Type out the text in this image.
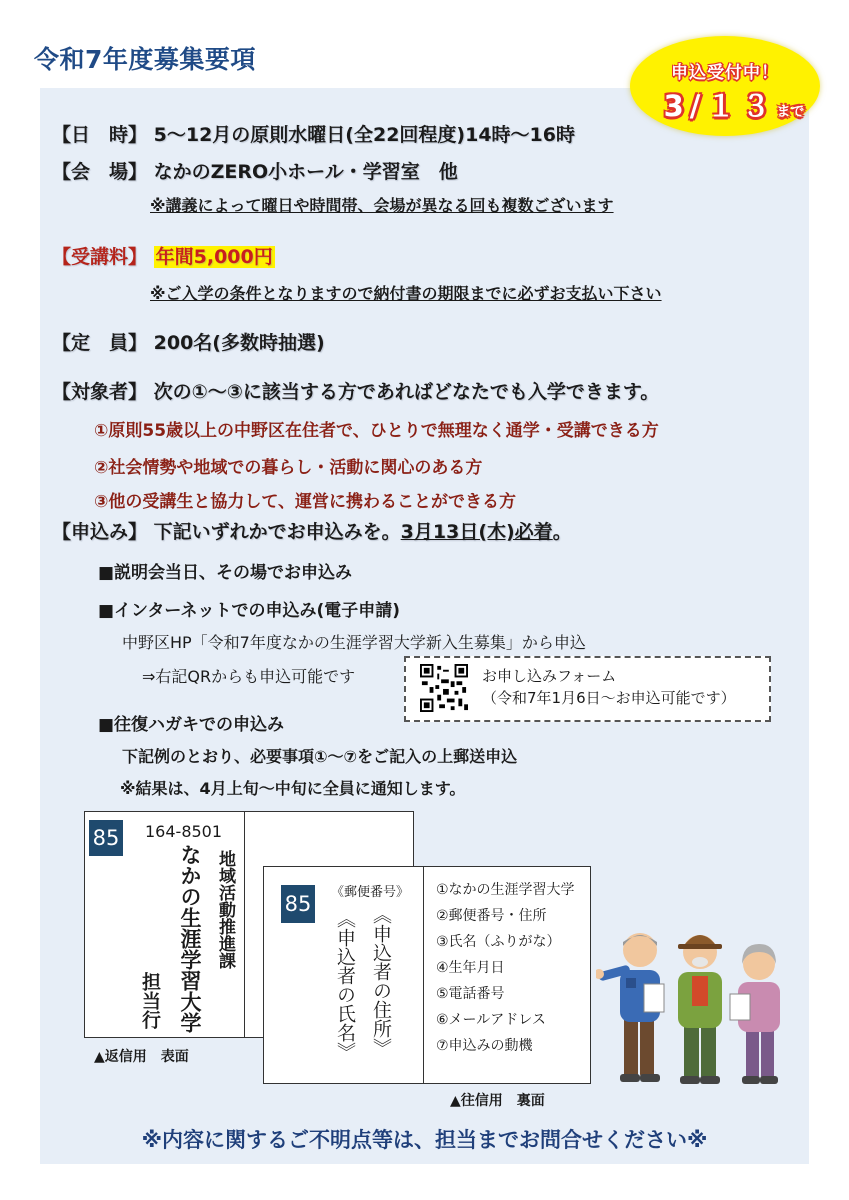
令和7年度募集要項	申込受付中！
3/１３まで
【日　時】 5～12月の原則水曜日(全22回程度)14時～16時
【会　場】 なかのZERO小ホール・学習室　他
※講義によって曜日や時間帯、会場が異なる回も複数ございます
【受講料】 年間5,000円
※ご入学の条件となりますので納付書の期限までに必ずお支払い下さい
【定　員】 200名(多数時抽選)
【対象者】 次の①～③に該当する方であればどなたでも入学できます。
①原則55歳以上の中野区在住者で、ひとりで無理なく通学・受講できる方
②社会情勢や地域での暮らし・活動に関心のある方
③他の受講生と協力して、運営に携わることができる方
【申込み】 下記いずれかでお申込みを。3月13日(木)必着。
■説明会当日、その場でお申込み
■インターネットでの申込み(電子申請)
中野区HP「令和7年度なかの生涯学習大学新入生募集」から申込
⇒右記QRからも申込可能です	お申し込みフォーム
（令和7年1月6日～お申込可能です）
■往復ハガキでの申込み
下記例のとおり、必要事項①～⑦をご記入の上郵送申込
※結果は、4月上旬～中旬に全員に通知します。
85 164-8501
地域活動推進課
なかの生涯学習大学
担当行
▲返信用　表面
85 《郵便番号》
《申込者の住所》
《申込者の氏名》
①なかの生涯学習大学
②郵便番号・住所
③氏名（ふりがな）
④生年月日
⑤電話番号
⑥メールアドレス
⑦申込みの動機
▲往信用　裏面
※内容に関するご不明点等は、担当までお問合せください※
